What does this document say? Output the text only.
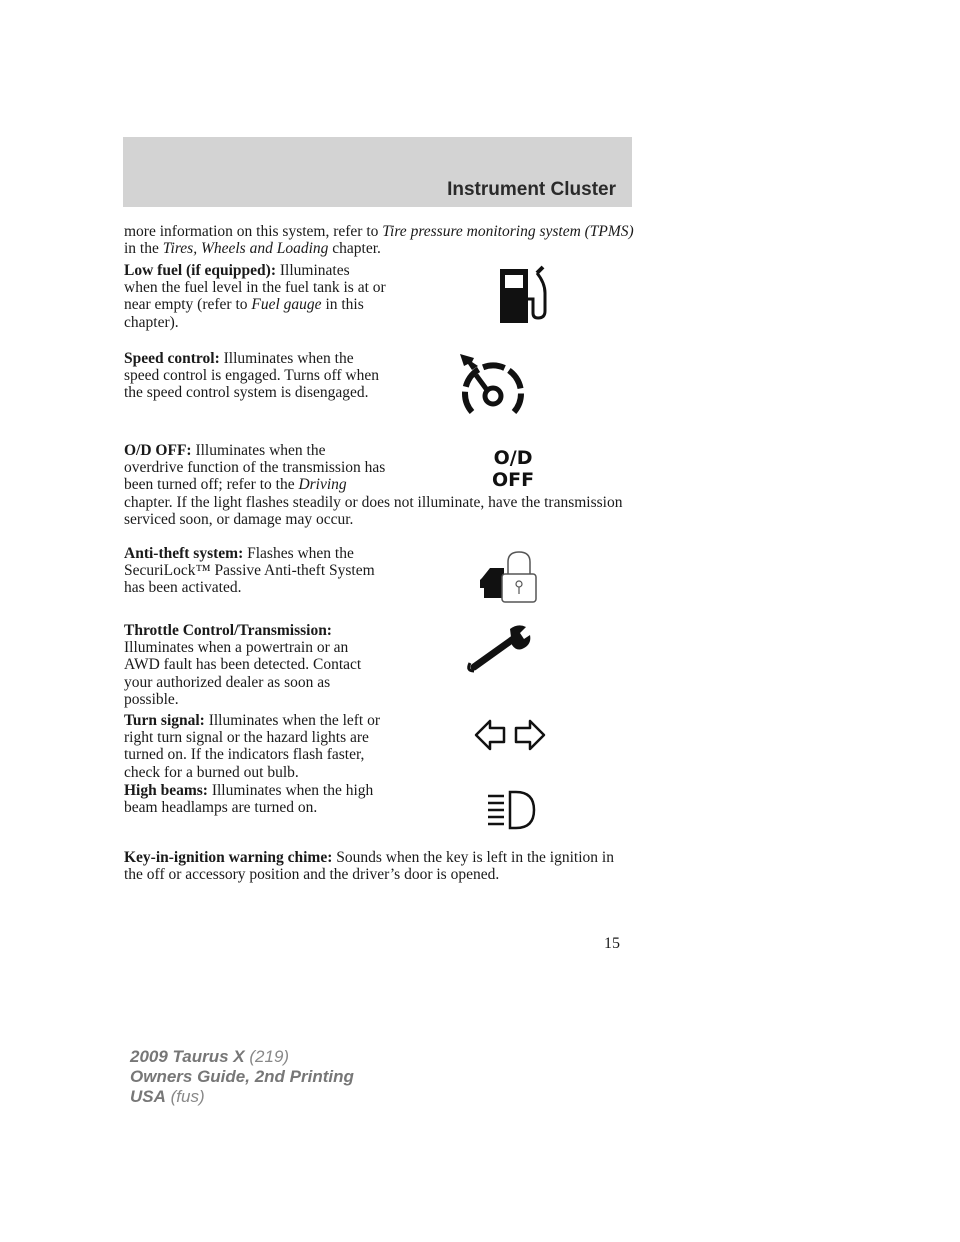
Instrument Cluster
more information on this system, refer to Tire pressure monitoring system (TPMS) in the Tires, Wheels and Loading chapter.
Low fuel (if equipped): Illuminates when the fuel level in the fuel tank is at or near empty (refer to Fuel gauge in this chapter).
Speed control: Illuminates when the speed control is engaged. Turns off when the speed control system is disengaged.
O/D OFF: Illuminates when the overdrive function of the transmission has been turned off; refer to the Driving
chapter. If the light flashes steadily or does not illuminate, have the transmission serviced soon, or damage may occur.
O/D
OFF
Anti-theft system: Flashes when the SecuriLock™ Passive Anti-theft System has been activated.
Throttle Control/Transmission: Illuminates when a powertrain or an AWD fault has been detected. Contact your authorized dealer as soon as possible.
Turn signal: Illuminates when the left or right turn signal or the hazard lights are turned on. If the indicators flash faster, check for a burned out bulb.
High beams: Illuminates when the high beam headlamps are turned on.
Key-in-ignition warning chime: Sounds when the key is left in the ignition in the off or accessory position and the driver’s door is opened.
15
2009 Taurus X (219)
Owners Guide, 2nd Printing
USA (fus)
